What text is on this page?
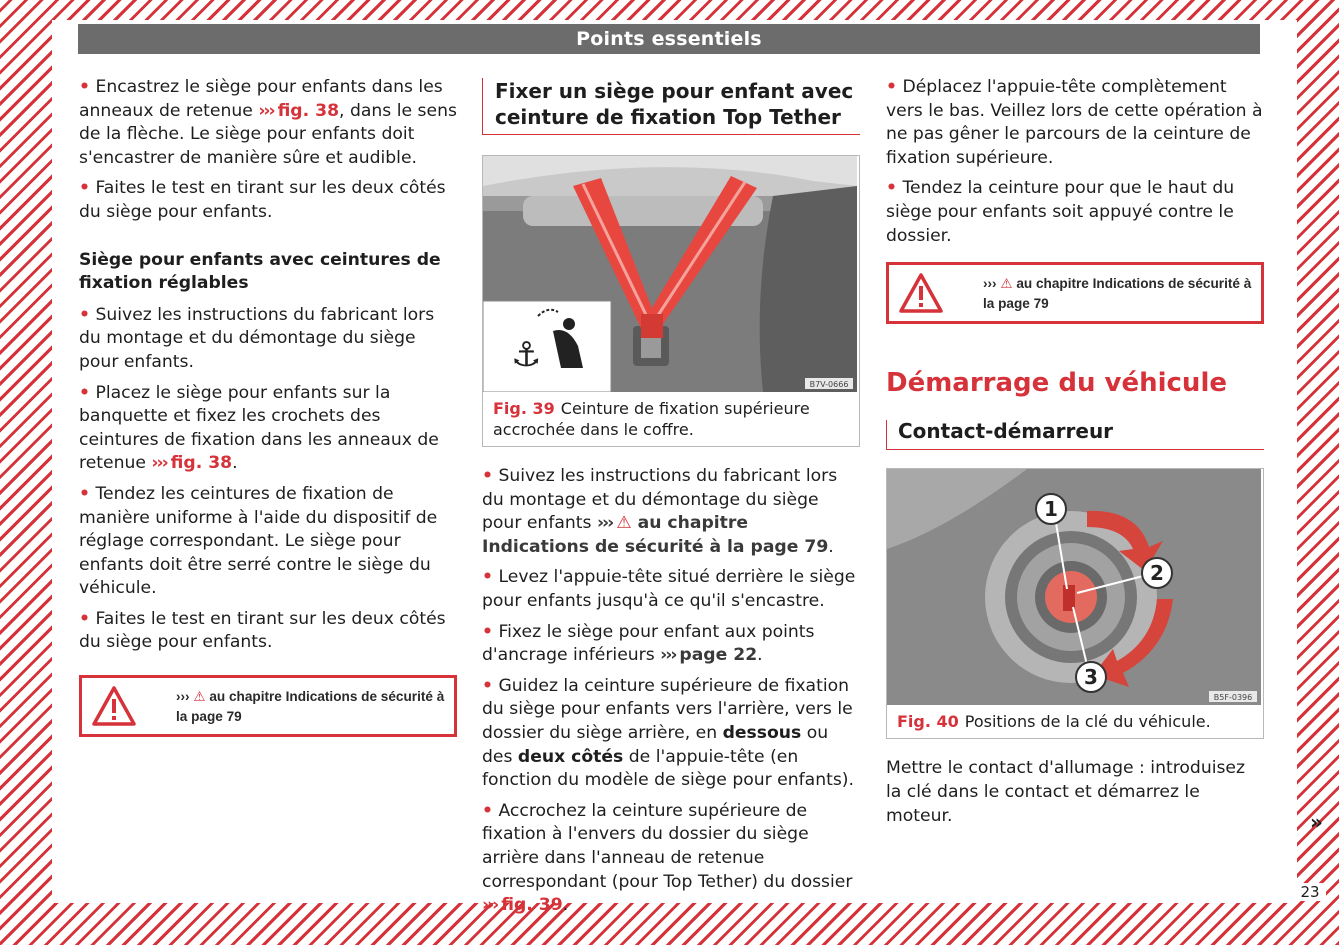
Points essentiels

• Encastrez le siège pour enfants dans les anneaux de retenue ››› fig. 38, dans le sens de la flèche. Le siège pour enfants doit s'encastrer de manière sûre et audible.

• Faites le test en tirant sur les deux côtés du siège pour enfants.

Siège pour enfants avec ceintures de fixation réglables

• Suivez les instructions du fabricant lors du montage et du démontage du siège pour enfants.

• Placez le siège pour enfants sur la banquette et fixez les crochets des ceintures de fixation dans les anneaux de retenue ››› fig. 38.

• Tendez les ceintures de fixation de manière uniforme à l'aide du dispositif de réglage correspondant. Le siège pour enfants doit être serré contre le siège du véhicule.

• Faites le test en tirant sur les deux côtés du siège pour enfants.

››› ⚠ au chapitre Indications de sécurité à la page 79
Fixer un siège pour enfant avec ceinture de fixation Top Tether
⚓
B7V-0666
Fig. 39 Ceinture de fixation supérieure accrochée dans le coffre.

• Suivez les instructions du fabricant lors du montage et du démontage du siège pour enfants ››› ⚠ au chapitre Indications de sécurité à la page 79.

• Levez l'appuie-tête situé derrière le siège pour enfants jusqu'à ce qu'il s'encastre.

• Fixez le siège pour enfant aux points d'ancrage inférieurs ››› page 22.

• Guidez la ceinture supérieure de fixation du siège pour enfants vers l'arrière, vers le dossier du siège arrière, en dessous ou des deux côtés de l'appuie-tête (en fonction du modèle de siège pour enfants).

• Accrochez la ceinture supérieure de fixation à l'envers du dossier du siège arrière dans l'anneau de retenue correspondant (pour Top Tether) du dossier ››› fig. 39.

• Déplacez l'appuie-tête complètement vers le bas. Veillez lors de cette opération à ne pas gêner le parcours de la ceinture de fixation supérieure.

• Tendez la ceinture pour que le haut du siège pour enfants soit appuyé contre le dossier.

››› ⚠ au chapitre Indications de sécurité à la page 79
Démarrage du véhicule
Contact-démarreur
1
2
3
B5F-0396
Fig. 40 Positions de la clé du véhicule.

Mettre le contact d'allumage : introduisez la clé dans le contact et démarrez le moteur.	»
23
